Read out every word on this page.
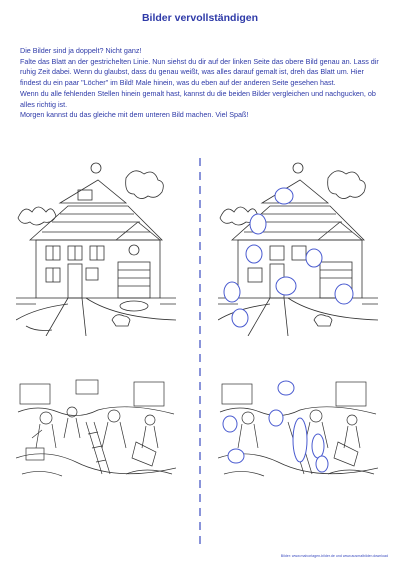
Bilder vervollständigen

Die Bilder sind ja doppelt? Nicht ganz!

Falte das Blatt an der gestrichelten Linie. Nun siehst du dir auf der linken Seite das obere Bild genau an. Lass dir ruhig Zeit dabei. Wenn du glaubst, dass du genau weißt, was alles darauf gemalt ist, dreh das Blatt um. Hier findest du ein paar "Löcher" im Bild! Male hinein, was du eben auf der anderen Seite gesehen hast.

Wenn du alle fehlenden Stellen hinein gemalt hast, kannst du die beiden Bilder vergleichen und nachgucken, ob alles richtig ist.

Morgen kannst du das gleiche mit dem unteren Bild machen. Viel Spaß!

Bilder: www.malvorlagen-bilder.de und www.ausmalbilder.download
